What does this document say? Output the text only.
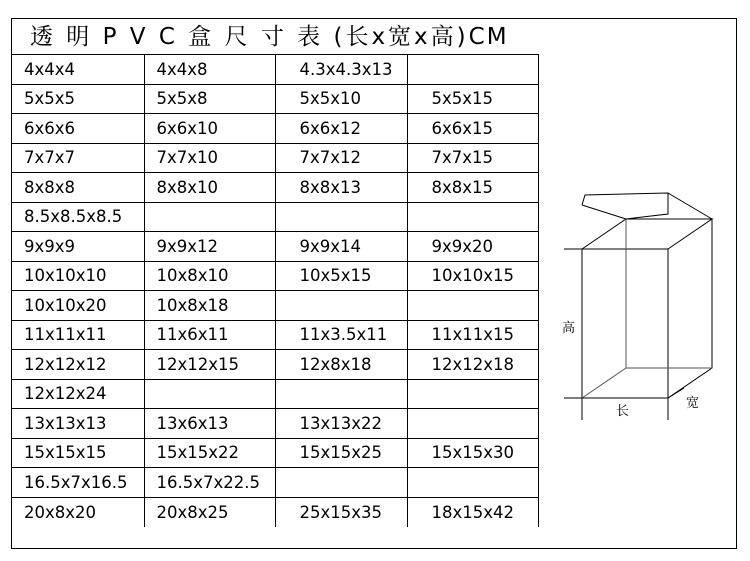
透 明 P V C 盒 尺 寸 表 (长x宽x高)CM
4x4x4	4x4x8	4.3x4.3x13	
5x5x5	5x5x8	5x5x10	5x5x15
6x6x6	6x6x10	6x6x12	6x6x15
7x7x7	7x7x10	7x7x12	7x7x15
8x8x8	8x8x10	8x8x13	8x8x15
8.5x8.5x8.5			
9x9x9	9x9x12	9x9x14	9x9x20
10x10x10	10x8x10	10x5x15	10x10x15
10x10x20	10x8x18		
11x11x11	11x6x11	11x3.5x11	11x11x15
12x12x12	12x12x15	12x8x18	12x12x18
12x12x24			
13x13x13	13x6x13	13x13x22	
15x15x15	15x15x22	15x15x25	15x15x30
16.5x7x16.5	16.5x7x22.5		
20x8x20	20x8x25	25x15x35	18x15x42
高
长
宽
